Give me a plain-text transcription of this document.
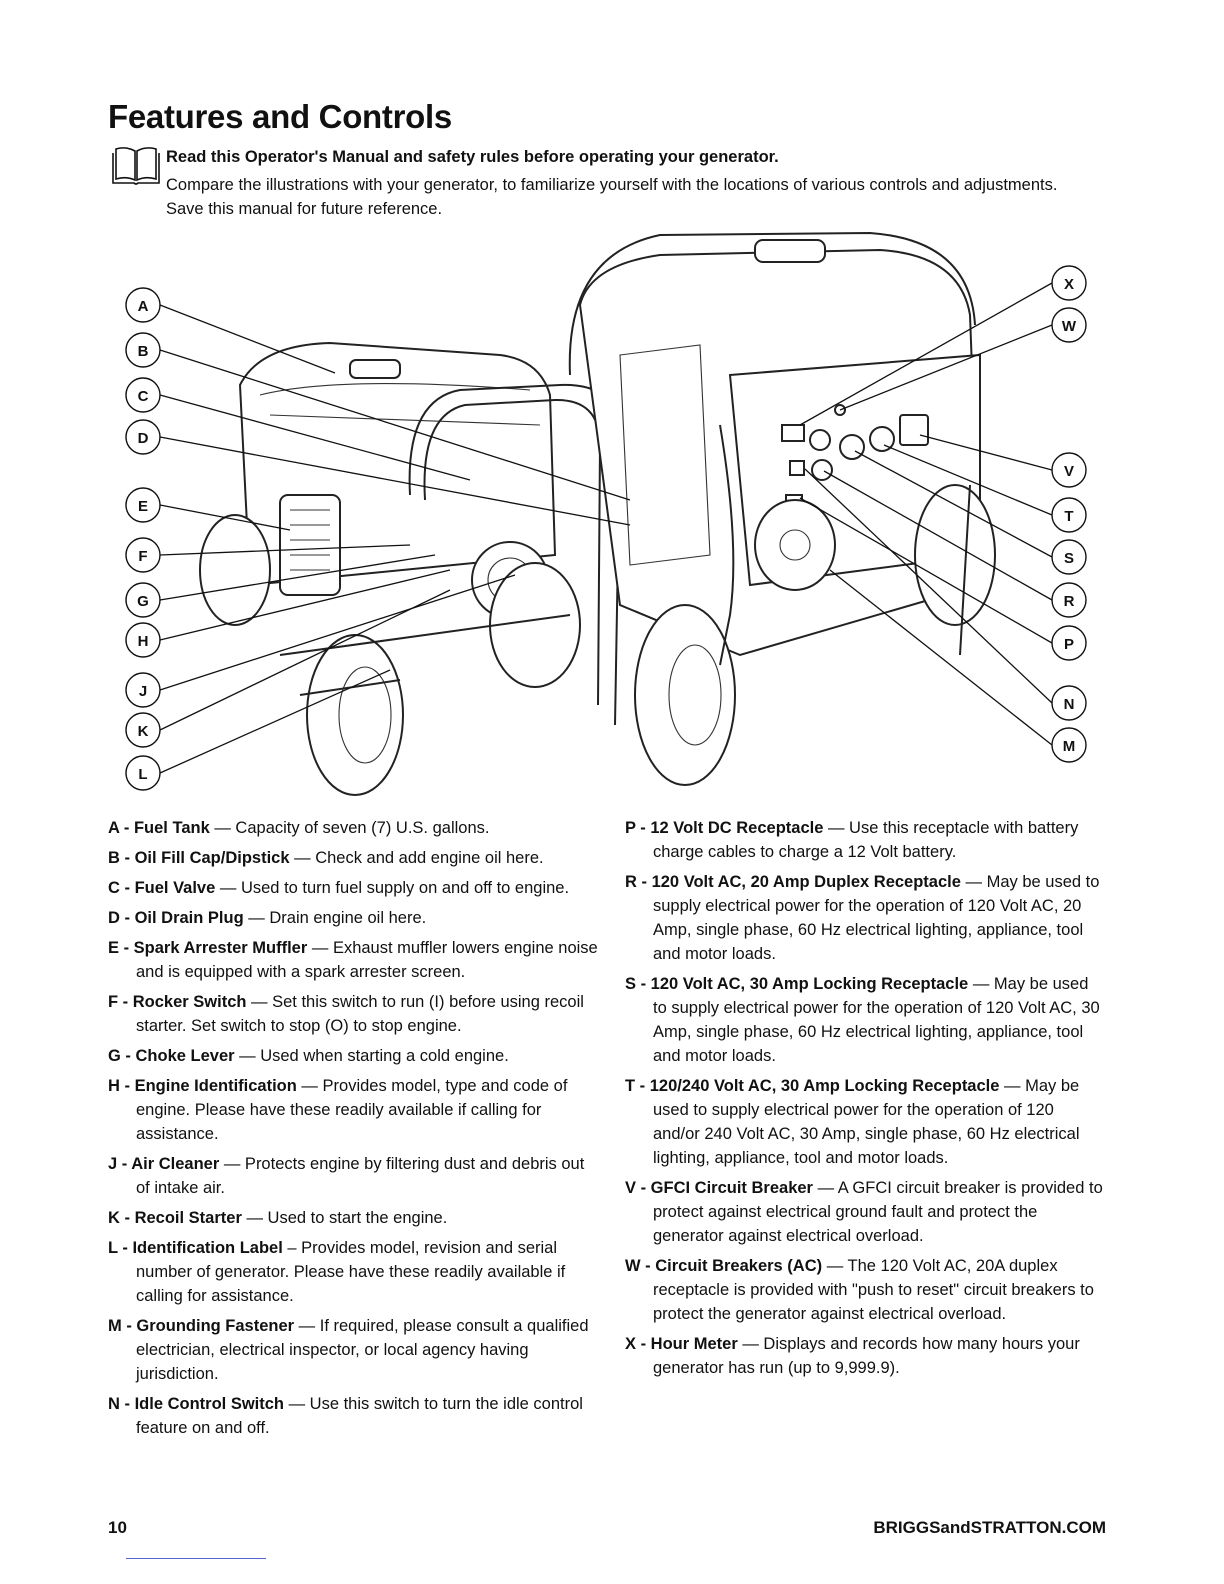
Features and Controls
Read this Operator's Manual and safety rules before operating your generator.
Compare the illustrations with your generator, to familiarize yourself with the locations of various controls and adjustments. Save this manual for future reference.
A
B
C
D
E
F
G
H
J
K
L
X
W
V
T
S
R
P
N
M

A - Fuel Tank — Capacity of seven (7) U.S. gallons.

B - Oil Fill Cap/Dipstick — Check and add engine oil here.

C - Fuel Valve — Used to turn fuel supply on and off to engine.

D - Oil Drain Plug — Drain engine oil here.

E - Spark Arrester Muffler — Exhaust muffler lowers engine noise and is equipped with a spark arrester screen.

F - Rocker Switch — Set this switch to run (I) before using recoil starter. Set switch to stop (O) to stop engine.

G - Choke Lever — Used when starting a cold engine.

H - Engine Identification — Provides model, type and code of engine. Please have these readily available if calling for assistance.

J - Air Cleaner — Protects engine by filtering dust and debris out of intake air.

K - Recoil Starter — Used to start the engine.

L - Identification Label – Provides model, revision and serial number of generator. Please have these readily available if calling for assistance.

M - Grounding Fastener — If required, please consult a qualified electrician, electrical inspector, or local agency having jurisdiction.

N - Idle Control Switch — Use this switch to turn the idle control feature on and off.

P - 12 Volt DC Receptacle — Use this receptacle with battery charge cables to charge a 12 Volt battery.

R - 120 Volt AC, 20 Amp Duplex Receptacle — May be used to supply electrical power for the operation of 120 Volt AC, 20 Amp, single phase, 60 Hz electrical lighting, appliance, tool and motor loads.

S - 120 Volt AC, 30 Amp Locking Receptacle — May be used to supply electrical power for the operation of 120 Volt AC, 30 Amp, single phase, 60 Hz electrical lighting, appliance, tool and motor loads.

T - 120/240 Volt AC, 30 Amp Locking Receptacle — May be used to supply electrical power for the operation of 120 and/or 240 Volt AC, 30 Amp, single phase, 60 Hz electrical lighting, appliance, tool and motor loads.

V - GFCI Circuit Breaker — A GFCI circuit breaker is provided to protect against electrical ground fault and protect the generator against electrical overload.

W - Circuit Breakers (AC) — The 120 Volt AC, 20A duplex receptacle is provided with "push to reset" circuit breakers to protect the generator against electrical overload.

X - Hour Meter — Displays and records how many hours your generator has run (up to 9,999.9).

10	BRIGGSandSTRATTON.COM
